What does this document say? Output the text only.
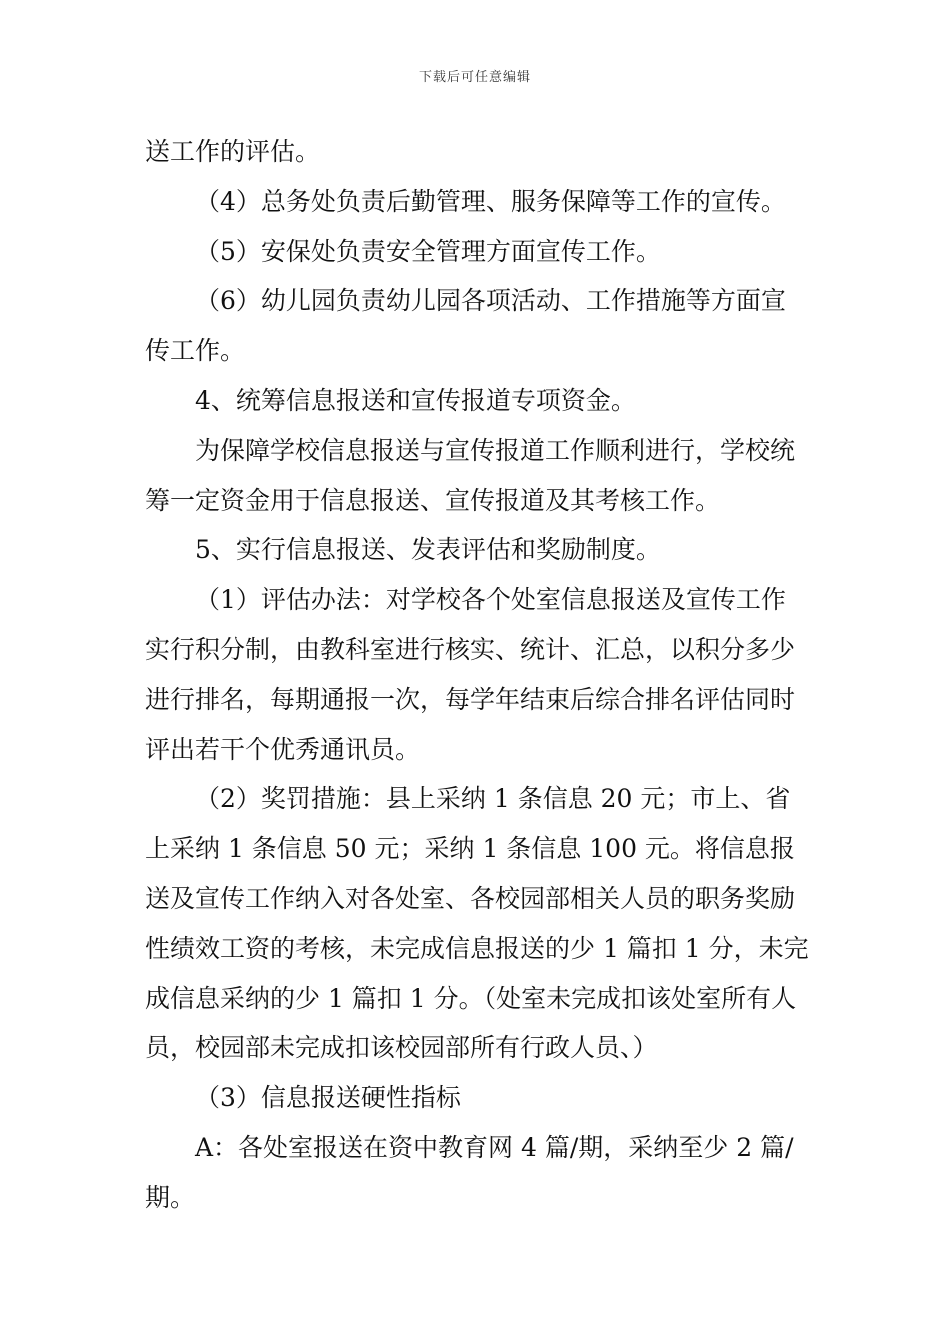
下载后可任意编辑

送工作的评估。

（4）总务处负责后勤管理、服务保障等工作的宣传。

（5）安保处负责安全管理方面宣传工作。

（6）幼儿园负责幼儿园各项活动、工作措施等方面宣传工作。

4、统筹信息报送和宣传报道专项资金。

为保障学校信息报送与宣传报道工作顺利进行，学校统筹一定资金用于信息报送、宣传报道及其考核工作。

5、实行信息报送、发表评估和奖励制度。

（1）评估办法：对学校各个处室信息报送及宣传工作实行积分制，由教科室进行核实、统计、汇总，以积分多少进行排名，每期通报一次，每学年结束后综合排名评估同时评出若干个优秀通讯员。

（2）奖罚措施：县上采纳 1 条信息 20 元；市上、省上采纳 1 条信息 50 元；采纳 1 条信息 100 元。将信息报送及宣传工作纳入对各处室、各校园部相关人员的职务奖励性绩效工资的考核，未完成信息报送的少 1 篇扣 1 分，未完成信息采纳的少 1 篇扣 1 分。（处室未完成扣该处室所有人员，校园部未完成扣该校园部所有行政人员、）

（3）信息报送硬性指标

A：各处室报送在资中教育网 4 篇/期，采纳至少 2 篇/期。
